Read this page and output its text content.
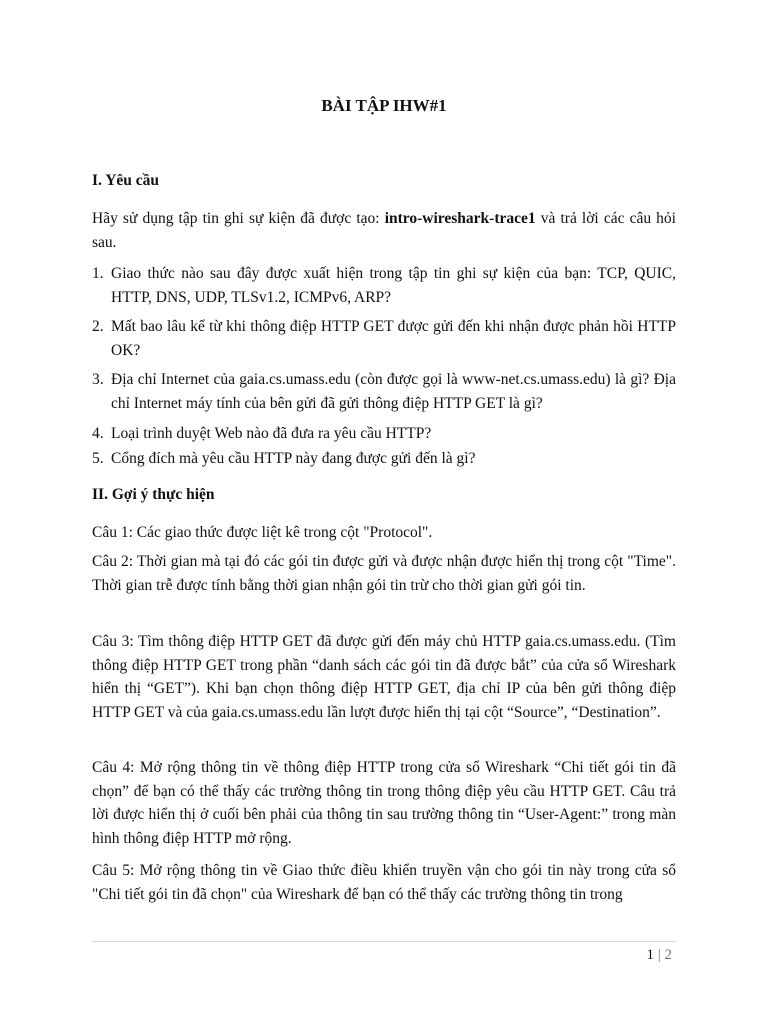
BÀI TẬP IHW#1
I. Yêu cầu
Hãy sử dụng tập tin ghi sự kiện đã được tạo: intro-wireshark-trace1 và trả lời các câu hỏi sau.
1. Giao thức nào sau đây được xuất hiện trong tập tin ghi sự kiện của bạn: TCP, QUIC, HTTP, DNS, UDP, TLSv1.2, ICMPv6, ARP?
2. Mất bao lâu kể từ khi thông điệp HTTP GET được gửi đến khi nhận được phản hồi HTTP OK?
3. Địa chỉ Internet của gaia.cs.umass.edu (còn được gọi là www-net.cs.umass.edu) là gì? Địa chỉ Internet máy tính của bên gửi đã gửi thông điệp HTTP GET là gì?
4. Loại trình duyệt Web nào đã đưa ra yêu cầu HTTP?
5. Cổng đích mà yêu cầu HTTP này đang được gửi đến là gì?
II. Gợi ý thực hiện
Câu 1: Các giao thức được liệt kê trong cột "Protocol".
Câu 2: Thời gian mà tại đó các gói tin được gửi và được nhận được hiển thị trong cột "Time". Thời gian trễ được tính bằng thời gian nhận gói tin trừ cho thời gian gửi gói tin.
Câu 3: Tìm thông điệp HTTP GET đã được gửi đến máy chủ HTTP gaia.cs.umass.edu. (Tìm thông điệp HTTP GET trong phần “danh sách các gói tin đã được bắt” của cửa sổ Wireshark hiển thị “GET”). Khi bạn chọn thông điệp HTTP GET, địa chỉ IP của bên gửi thông điệp HTTP GET và của gaia.cs.umass.edu lần lượt được hiển thị tại cột “Source”, “Destination”.
Câu 4: Mở rộng thông tin về thông điệp HTTP trong cửa sổ Wireshark “Chi tiết gói tin đã chọn” để bạn có thể thấy các trường thông tin trong thông điệp yêu cầu HTTP GET. Câu trả lời được hiển thị ở cuối bên phải của thông tin sau trường thông tin “User-Agent:” trong màn hình thông điệp HTTP mở rộng.
Câu 5: Mở rộng thông tin về Giao thức điều khiển truyền vận cho gói tin này trong cửa sổ "Chi tiết gói tin đã chọn" của Wireshark để bạn có thể thấy các trường thông tin trong
1 | 2
